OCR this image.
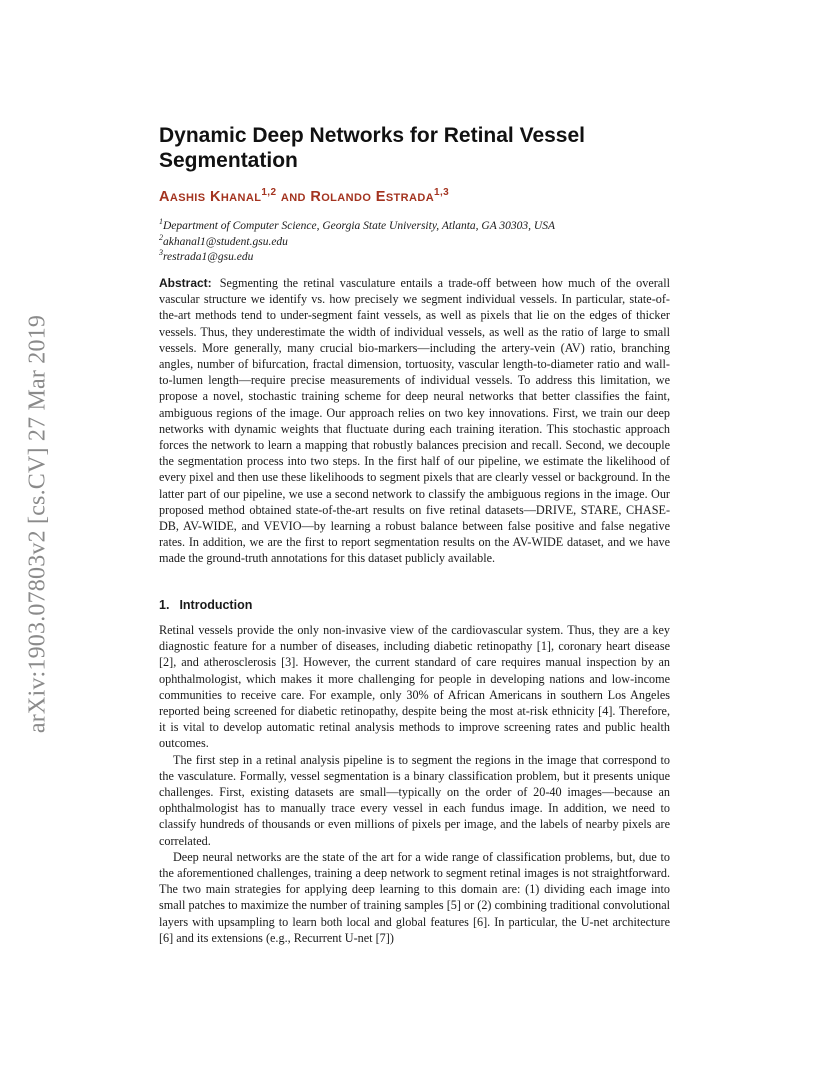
arXiv:1903.07803v2 [cs.CV] 27 Mar 2019
Dynamic Deep Networks for Retinal Vessel Segmentation
AASHIS KHANAL$^{1,2}$ AND ROLANDO ESTRADA$^{1,3}$
$^1$Department of Computer Science, Georgia State University, Atlanta, GA 30303, USA
$^2$akhanal1@student.gsu.edu
$^3$restrada1@gsu.edu

Abstract: Segmenting the retinal vasculature entails a trade-off between how much of the overall vascular structure we identify vs. how precisely we segment individual vessels. In particular, state-of-the-art methods tend to under-segment faint vessels, as well as pixels that lie on the edges of thicker vessels. Thus, they underestimate the width of individual vessels, as well as the ratio of large to small vessels. More generally, many crucial bio-markers—including the artery-vein (AV) ratio, branching angles, number of bifurcation, fractal dimension, tortuosity, vascular length-to-diameter ratio and wall-to-lumen length—require precise measurements of individual vessels. To address this limitation, we propose a novel, stochastic training scheme for deep neural networks that better classifies the faint, ambiguous regions of the image. Our approach relies on two key innovations. First, we train our deep networks with dynamic weights that fluctuate during each training iteration. This stochastic approach forces the network to learn a mapping that robustly balances precision and recall. Second, we decouple the segmentation process into two steps. In the first half of our pipeline, we estimate the likelihood of every pixel and then use these likelihoods to segment pixels that are clearly vessel or background. In the latter part of our pipeline, we use a second network to classify the ambiguous regions in the image. Our proposed method obtained state-of-the-art results on five retinal datasets—DRIVE, STARE, CHASE-DB, AV-WIDE, and VEVIO—by learning a robust balance between false positive and false negative rates. In addition, we are the first to report segmentation results on the AV-WIDE dataset, and we have made the ground-truth annotations for this dataset publicly available.

1. Introduction

Retinal vessels provide the only non-invasive view of the cardiovascular system. Thus, they are a key diagnostic feature for a number of diseases, including diabetic retinopathy [1], coronary heart disease [2], and atherosclerosis [3]. However, the current standard of care requires manual inspection by an ophthalmologist, which makes it more challenging for people in developing nations and low-income communities to receive care. For example, only 30% of African Americans in southern Los Angeles reported being screened for diabetic retinopathy, despite being the most at-risk ethnicity [4]. Therefore, it is vital to develop automatic retinal analysis methods to improve screening rates and public health outcomes.

The first step in a retinal analysis pipeline is to segment the regions in the image that correspond to the vasculature. Formally, vessel segmentation is a binary classification problem, but it presents unique challenges. First, existing datasets are small—typically on the order of 20-40 images—because an ophthalmologist has to manually trace every vessel in each fundus image. In addition, we need to classify hundreds of thousands or even millions of pixels per image, and the labels of nearby pixels are correlated.

Deep neural networks are the state of the art for a wide range of classification problems, but, due to the aforementioned challenges, training a deep network to segment retinal images is not straightforward. The two main strategies for applying deep learning to this domain are: (1) dividing each image into small patches to maximize the number of training samples [5] or (2) combining traditional convolutional layers with upsampling to learn both local and global features [6]. In particular, the U-net architecture [6] and its extensions (e.g., Recurrent U-net [7])
